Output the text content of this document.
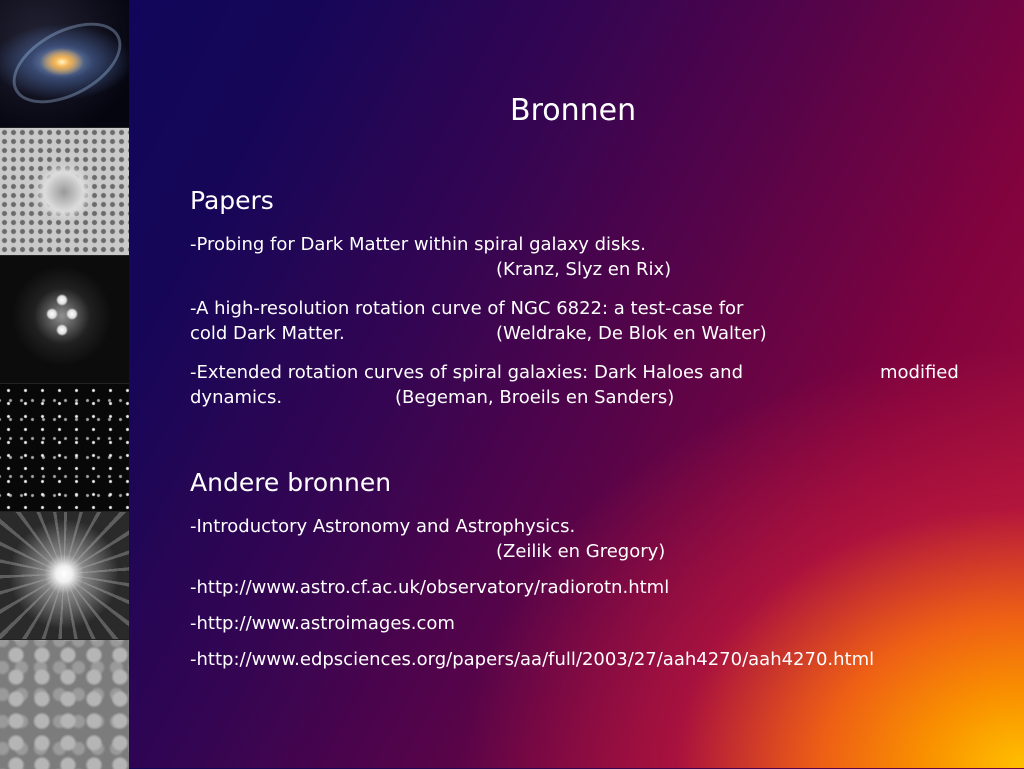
Bronnen
Papers
-Probing for Dark Matter within spiral galaxy disks.
(Kranz, Slyz en Rix)
-A high-resolution rotation curve of NGC 6822: a test-case for
cold Dark Matter.	(Weldrake, De Blok en Walter)
-Extended rotation curves of spiral galaxies: Dark Haloes and	modified
dynamics.	(Begeman, Broeils en Sanders)
Andere bronnen
-Introductory Astronomy and Astrophysics.
(Zeilik en Gregory)
-http://www.astro.cf.ac.uk/observatory/radiorotn.html
-http://www.astroimages.com
-http://www.edpsciences.org/papers/aa/full/2003/27/aah4270/aah4270.html
